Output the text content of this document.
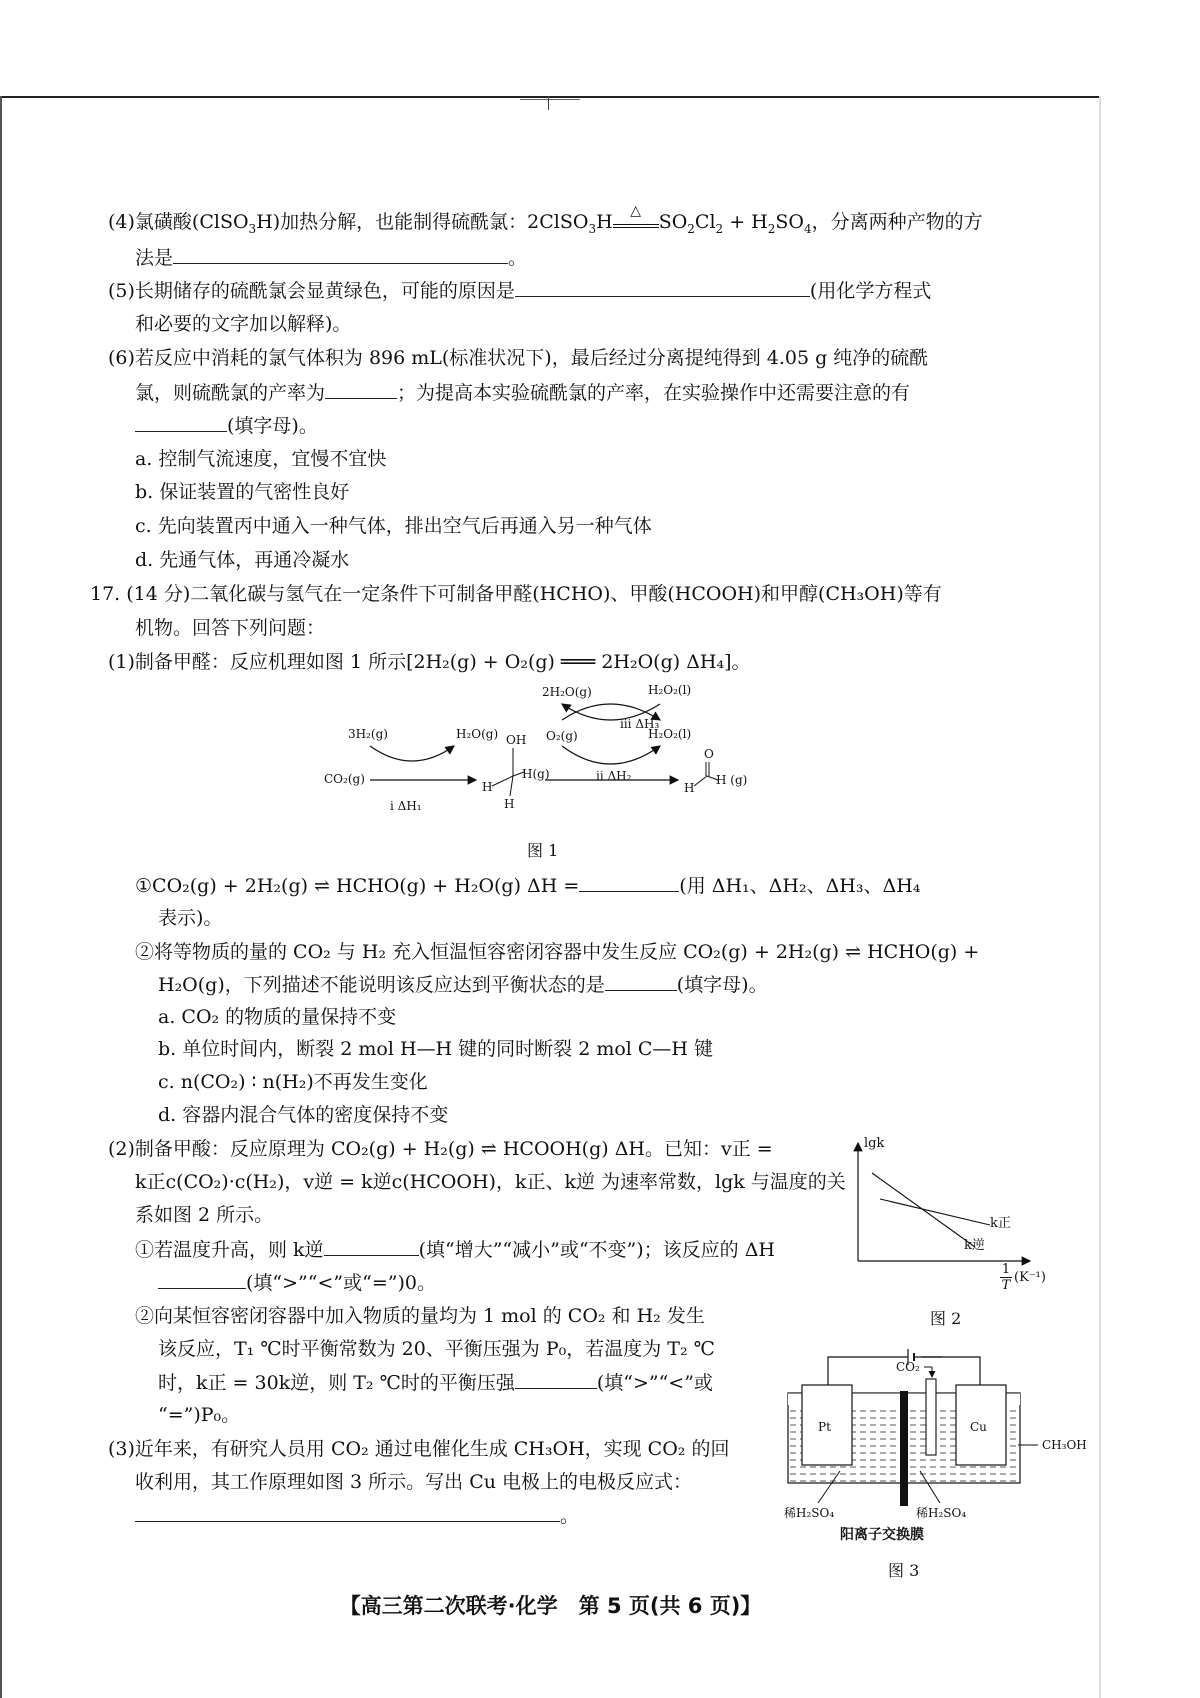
(4)氯磺酸(ClSO$_3$H)加热分解，也能制得硫酰氯：2ClSO$_3$H	△ $SO_2Cl_2 + H_2SO_4$，分离两种产物的方
法是	。
(5)长期储存的硫酰氯会显黄绿色，可能的原因是	(用化学方程式
和必要的文字加以解释)。
(6)若反应中消耗的氯气体积为 896 mL(标准状况下)，最后经过分离提纯得到 4.05 g 纯净的硫酰
氯，则硫酰氯的产率为	；为提高本实验硫酰氯的产率，在实验操作中还需要注意的有
(填字母)。
a. 控制气流速度，宜慢不宜快
b. 保证装置的气密性良好
c. 先向装置丙中通入一种气体，排出空气后再通入另一种气体
d. 先通气体，再通冷凝水
17. (14 分)二氧化碳与氢气在一定条件下可制备甲醛(HCHO)、甲酸(HCOOH)和甲醇(CH₃OH)等有
机物。回答下列问题：
(1)制备甲醛：反应机理如图 1 所示[2H₂(g) + O₂(g) ═══ 2H₂O(g) ΔH₄]。
2H₂O(g)	H₂O₂(l)
ⅲ ΔH₃
3H₂(g)
CO₂(g)
H₂O(g) OH
H
H(g)
H
ⅰ ΔH₁
O₂(g)	H₂O₂(l)
ⅱ ΔH₂
O
H
H (g)
图 1
①CO₂(g) + 2H₂(g) ⇌ HCHO(g) + H₂O(g) ΔH =	(用 ΔH₁、ΔH₂、ΔH₃、ΔH₄
表示)。
②将等物质的量的 CO₂ 与 H₂ 充入恒温恒容密闭容器中发生反应 CO₂(g) + 2H₂(g) ⇌ HCHO(g) +
H₂O(g)，下列描述不能说明该反应达到平衡状态的是	(填字母)。
a. CO₂ 的物质的量保持不变
b. 单位时间内，断裂 2 mol H—H 键的同时断裂 2 mol C—H 键
c. n(CO₂) ∶ n(H₂)不再发生变化
d. 容器内混合气体的密度保持不变
(2)制备甲酸：反应原理为 CO₂(g) + H₂(g) ⇌ HCOOH(g) ΔH。已知：v正 =
k正c(CO₂)·c(H₂)，v逆 = k逆c(HCOOH)，k正、k逆 为速率常数，lgk 与温度的关
系如图 2 所示。
①若温度升高，则 k逆	(填“增大”“减小”或“不变”)；该反应的 ΔH
(填“>”“<”或“=”)0。
②向某恒容密闭容器中加入物质的量均为 1 mol 的 CO₂ 和 H₂ 发生
该反应，T₁ ℃时平衡常数为 20、平衡压强为 P₀，若温度为 T₂ ℃
时，k正 = 30k逆，则 T₂ ℃时的平衡压强	(填“>”“<”或
“=”)P₀。
(3)近年来，有研究人员用 CO₂ 通过电催化生成 CH₃OH，实现 CO₂ 的回
收利用，其工作原理如图 3 所示。写出 Cu 电极上的电极反应式：
。
lgk
k正
k逆
1
T
(K⁻¹)
图 2
CO₂
Pt	Cu
CH₃OH
稀H₂SO₄	稀H₂SO₄
阳离子交换膜
图 3
【高三第二次联考·化学　第 5 页(共 6 页)】
